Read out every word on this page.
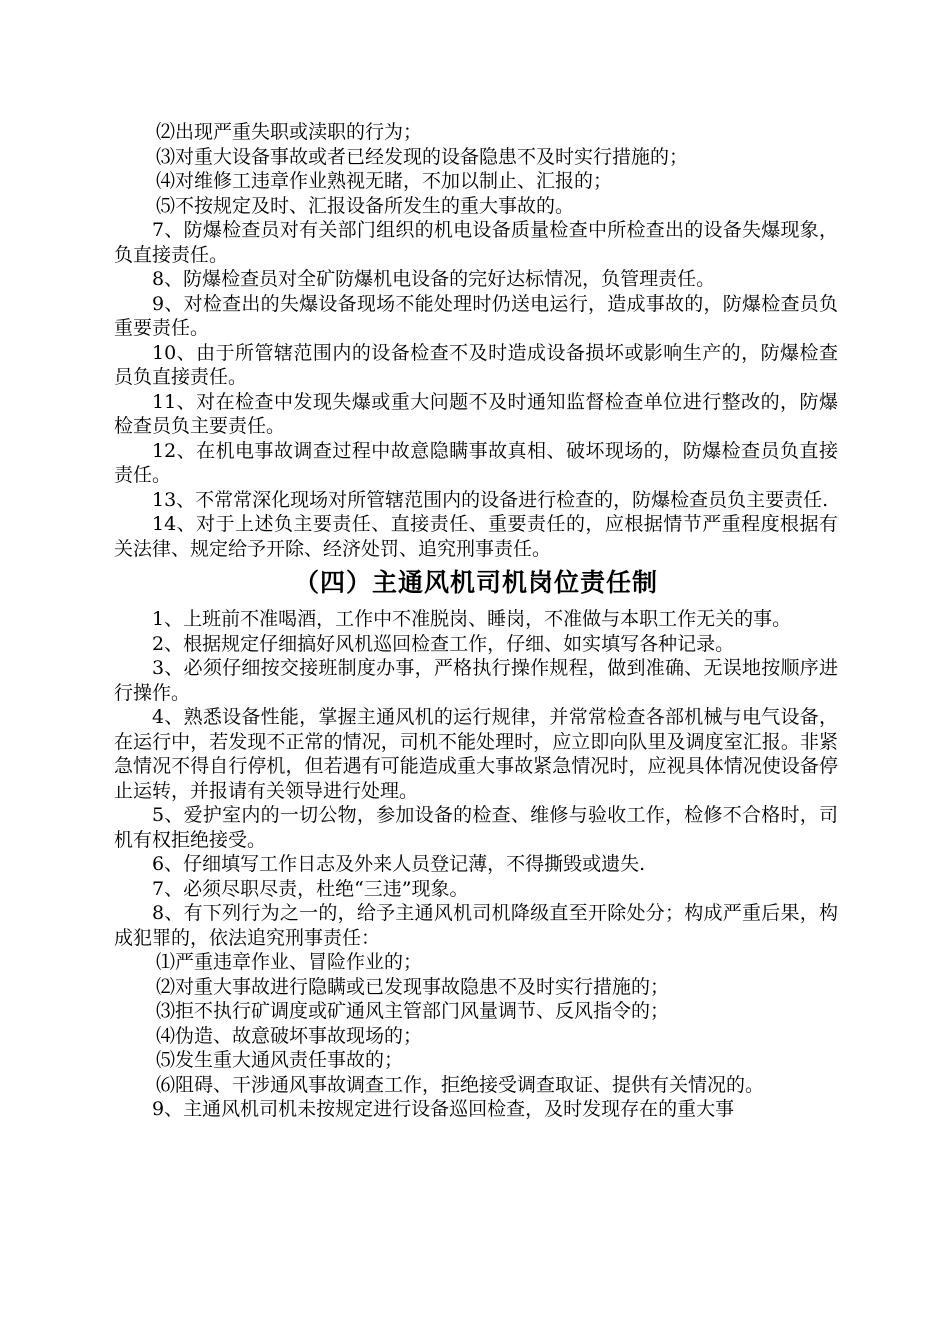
⑵出现严重失职或渎职的行为；

⑶对重大设备事故或者已经发现的设备隐患不及时实行措施的；

⑷对维修工违章作业熟视无睹，不加以制止、汇报的；

⑸不按规定及时、汇报设备所发生的重大事故的。

7、防爆检查员对有关部门组织的机电设备质量检查中所检查出的设备失爆现象，负直接责任。

8、防爆检查员对全矿防爆机电设备的完好达标情况，负管理责任。

9、对检查出的失爆设备现场不能处理时仍送电运行，造成事故的，防爆检查员负重要责任。

10、由于所管辖范围内的设备检查不及时造成设备损坏或影响生产的，防爆检查员负直接责任。

11、对在检查中发现失爆或重大问题不及时通知监督检查单位进行整改的，防爆检查员负主要责任。

12、在机电事故调查过程中故意隐瞒事故真相、破坏现场的，防爆检查员负直接责任。

13、不常常深化现场对所管辖范围内的设备进行检查的，防爆检查员负主要责任.

14、对于上述负主要责任、直接责任、重要责任的，应根据情节严重程度根据有关法律、规定给予开除、经济处罚、追究刑事责任。

（四）主通风机司机岗位责任制

1、上班前不准喝酒，工作中不准脱岗、睡岗，不准做与本职工作无关的事。

2、根据规定仔细搞好风机巡回检查工作，仔细、如实填写各种记录。

3、必须仔细按交接班制度办事，严格执行操作规程，做到准确、无误地按顺序进行操作。

4、熟悉设备性能，掌握主通风机的运行规律，并常常检查各部机械与电气设备，在运行中，若发现不正常的情况，司机不能处理时，应立即向队里及调度室汇报。非紧急情况不得自行停机，但若遇有可能造成重大事故紧急情况时，应视具体情况使设备停止运转，并报请有关领导进行处理。

5、爱护室内的一切公物，参加设备的检查、维修与验收工作，检修不合格时，司机有权拒绝接受。

6、仔细填写工作日志及外来人员登记薄，不得撕毁或遗失.

7、必须尽职尽责，杜绝“三违”现象。

8、有下列行为之一的，给予主通风机司机降级直至开除处分；构成严重后果，构成犯罪的，依法追究刑事责任：

⑴严重违章作业、冒险作业的；

⑵对重大事故进行隐瞒或已发现事故隐患不及时实行措施的；

⑶拒不执行矿调度或矿通风主管部门风量调节、反风指令的；

⑷伪造、故意破坏事故现场的；

⑸发生重大通风责任事故的；

⑹阻碍、干涉通风事故调查工作，拒绝接受调查取证、提供有关情况的。

9、主通风机司机未按规定进行设备巡回检查，及时发现存在的重大事
